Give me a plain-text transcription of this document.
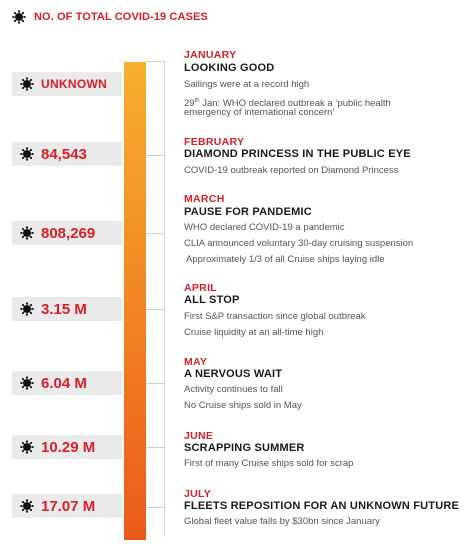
NO. OF TOTAL COVID-19 CASES
UNKNOWN
84,543
808,269
3.15 M
6.04 M
10.29 M
17.07 M
JANUARY
LOOKING GOOD
Sailings were at a record high
29th Jan: WHO declared outbreak a ‘public health
emergency of international concern’
FEBRUARY
DIAMOND PRINCESS IN THE PUBLIC EYE
COVID-19 outbreak reported on Diamond Princess
MARCH
PAUSE FOR PANDEMIC
WHO declared COVID-19 a pandemic
CLIA announced voluntary 30-day cruising suspension
Approximately 1/3 of all Cruise ships laying idle
APRIL
ALL STOP
First S&P transaction since global outbreak
Cruise liquidity at an all-time high
MAY
A NERVOUS WAIT
Activity continues to fall
No Cruise ships sold in May
JUNE
SCRAPPING SUMMER
First of many Cruise ships sold for scrap
JULY
FLEETS REPOSITION FOR AN UNKNOWN FUTURE
Global fleet value falls by $30bn since January
